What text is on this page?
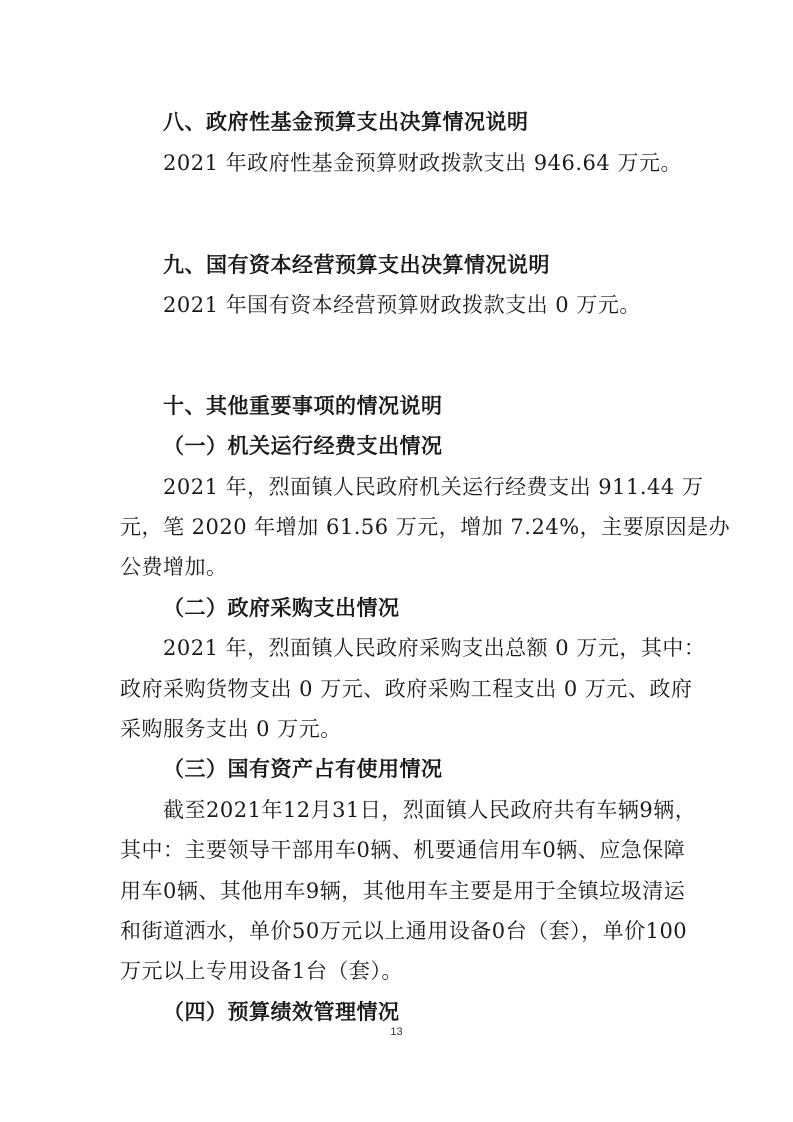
八、政府性基金预算支出决算情况说明
2021 年政府性基金预算财政拨款支出 946.64 万元。
九、国有资本经营预算支出决算情况说明
2021 年国有资本经营预算财政拨款支出 0 万元。
十、其他重要事项的情况说明
（一）机关运行经费支出情况
2021 年，烈面镇人民政府机关运行经费支出 911.44 万
元，笔 2020 年增加 61.56 万元，增加 7.24%，主要原因是办
公费增加。
（二）政府采购支出情况
2021 年，烈面镇人民政府采购支出总额 0 万元，其中：
政府采购货物支出 0 万元、政府采购工程支出 0 万元、政府
采购服务支出 0 万元。
（三）国有资产占有使用情况
截至2021年12月31日，烈面镇人民政府共有车辆9辆，
其中：主要领导干部用车0辆、机要通信用车0辆、应急保障
用车0辆、其他用车9辆，其他用车主要是用于全镇垃圾清运
和街道洒水，单价50万元以上通用设备0台（套），单价100
万元以上专用设备1台（套）。
（四）预算绩效管理情况
13
